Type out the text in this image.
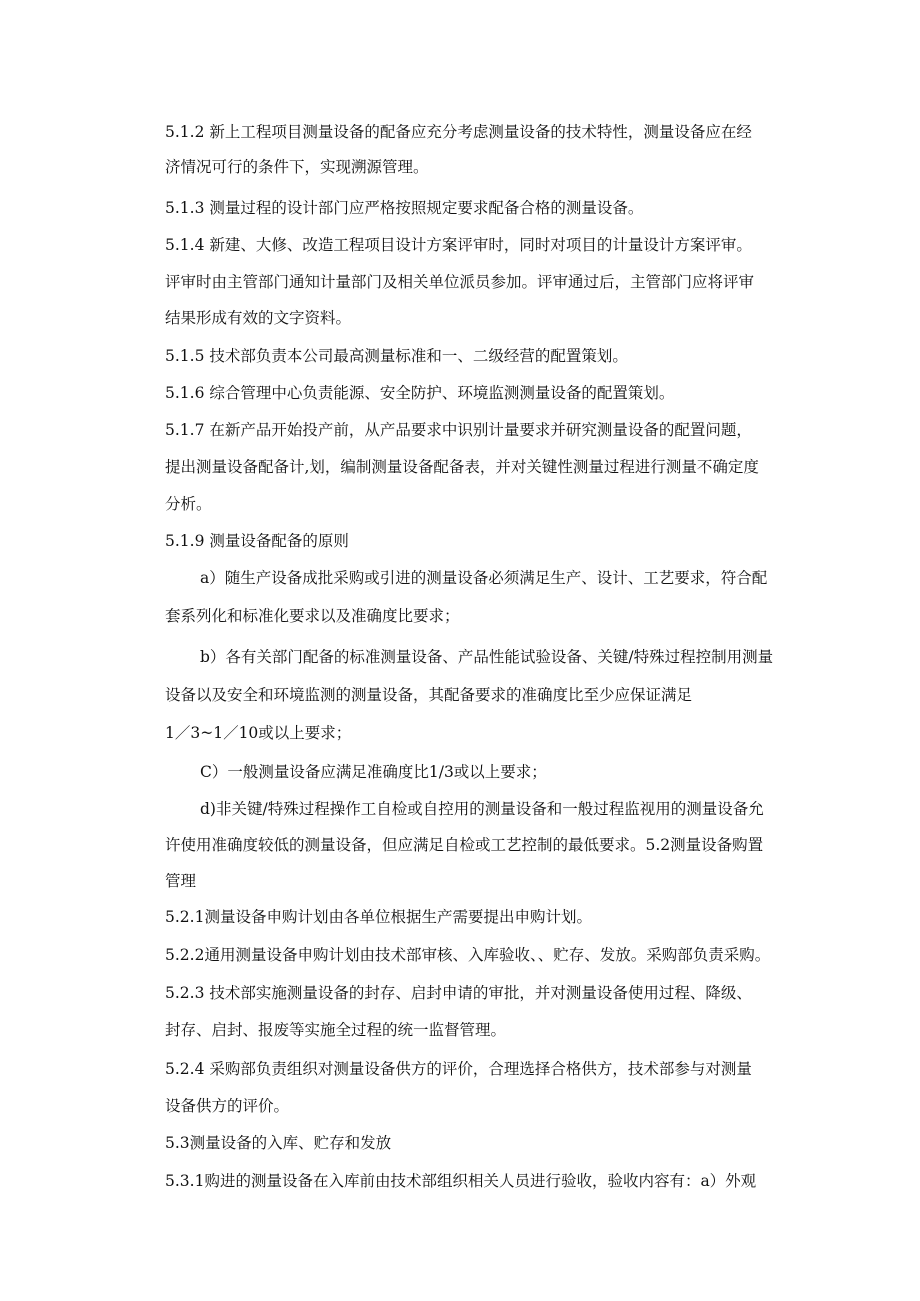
5.1.2 新上工程项目测量设备的配备应充分考虑测量设备的技术特性，测量设备应在经
济情况可行的条件下，实现溯源管理。
5.1.3 测量过程的设计部门应严格按照规定要求配备合格的测量设备。
5.1.4 新建、大修、改造工程项目设计方案评审时，同时对项目的计量设计方案评审。
评审时由主管部门通知计量部门及相关单位派员参加。评审通过后，主管部门应将评审
结果形成有效的文字资料。
5.1.5 技术部负责本公司最高测量标准和一、二级经营的配置策划。
5.1.6 综合管理中心负责能源、安全防护、环境监测测量设备的配置策划。
5.1.7 在新产品开始投产前，从产品要求中识别计量要求并研究测量设备的配置问题，
提出测量设备配备计,划，编制测量设备配备表，并对关键性测量过程进行测量不确定度
分析。
5.1.9 测量设备配备的原则
a）随生产设备成批采购或引进的测量设备必须满足生产、设计、工艺要求，符合配
套系列化和标准化要求以及准确度比要求；
b）各有关部门配备的标准测量设备、产品性能试验设备、关键/特殊过程控制用测量
设备以及安全和环境监测的测量设备，其配备要求的准确度比至少应保证满足
1／3~1／10或以上要求；
C）一般测量设备应满足准确度比1/3或以上要求；
d)非关键/特殊过程操作工自检或自控用的测量设备和一般过程监视用的测量设备允
许使用准确度较低的测量设备，但应满足自检或工艺控制的最低要求。5.2测量设备购置
管理
5.2.1测量设备申购计划由各单位根据生产需要提出申购计划。
5.2.2通用测量设备申购计划由技术部审核、入库验收、、贮存、发放。采购部负责采购。
5.2.3 技术部实施测量设备的封存、启封申请的审批，并对测量设备使用过程、降级、
封存、启封、报废等实施全过程的统一监督管理。
5.2.4 采购部负责组织对测量设备供方的评价，合理选择合格供方，技术部参与对测量
设备供方的评价。
5.3测量设备的入库、贮存和发放
5.3.1购进的测量设备在入库前由技术部组织相关人员进行验收，验收内容有：a）外观
